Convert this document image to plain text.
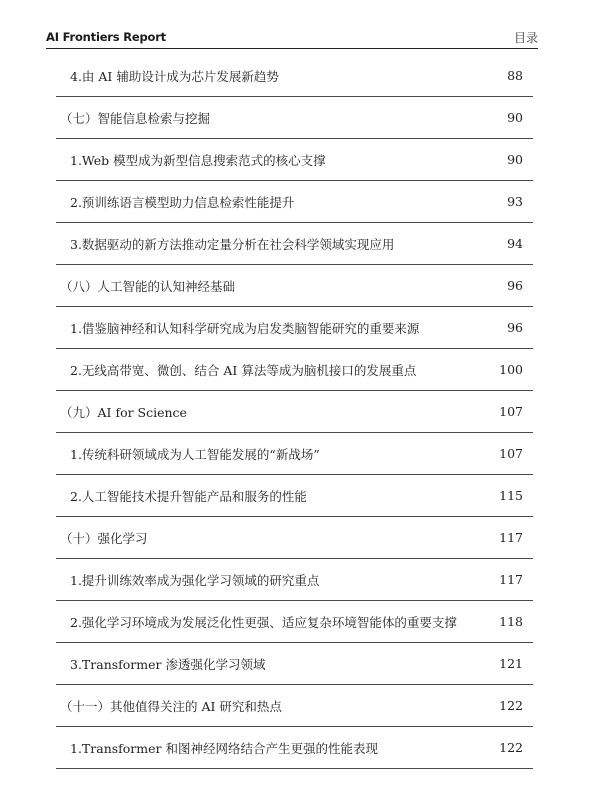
AI Frontiers Report	目录
4.由 AI 辅助设计成为芯片发展新趋势	88
（七）智能信息检索与挖掘	90
1.Web 模型成为新型信息搜索范式的核心支撑	90
2.预训练语言模型助力信息检索性能提升	93
3.数据驱动的新方法推动定量分析在社会科学领域实现应用	94
（八）人工智能的认知神经基础	96
1.借鉴脑神经和认知科学研究成为启发类脑智能研究的重要来源	96
2.无线高带宽、微创、结合 AI 算法等成为脑机接口的发展重点	100
（九）AI for Science	107
1.传统科研领域成为人工智能发展的“新战场”	107
2.人工智能技术提升智能产品和服务的性能	115
（十）强化学习	117
1.提升训练效率成为强化学习领域的研究重点	117
2.强化学习环境成为发展泛化性更强、适应复杂环境智能体的重要支撑	118
3.Transformer 渗透强化学习领域	121
（十一）其他值得关注的 AI 研究和热点	122
1.Transformer 和图神经网络结合产生更强的性能表现	122
